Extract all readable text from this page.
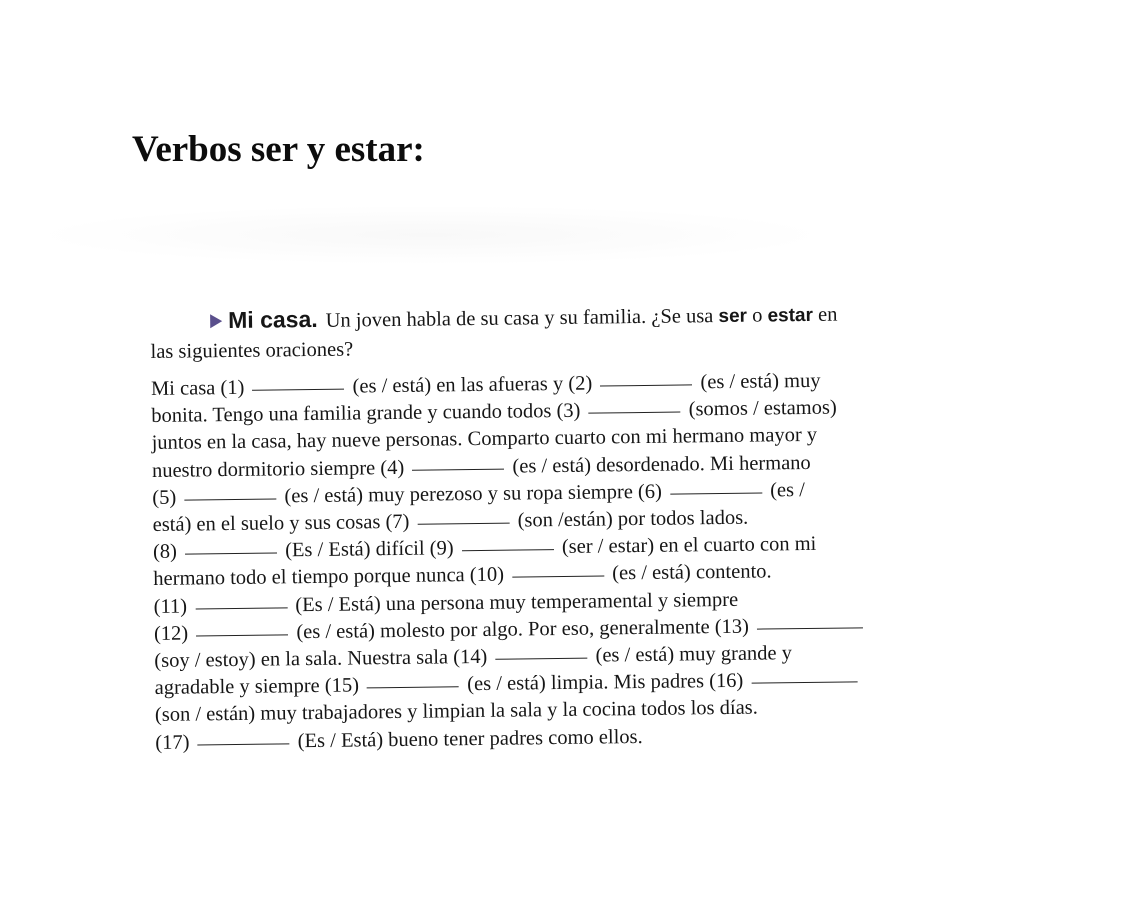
Verbos ser y estar:
Mi casa. Un joven habla de su casa y su familia. ¿Se usa ser o estar en
las siguientes oraciones?
Mi casa (1)	(es / está) en las afueras y (2)	(es / está) muy
bonita. Tengo una familia grande y cuando todos (3)	(somos / estamos)
juntos en la casa, hay nueve personas. Comparto cuarto con mi hermano mayor y
nuestro dormitorio siempre (4)	(es / está) desordenado. Mi hermano
(5)	(es / está) muy perezoso y su ropa siempre (6)	(es /
está) en el suelo y sus cosas (7)	(son /están) por todos lados.
(8)	(Es / Está) difícil (9)	(ser / estar) en el cuarto con mi
hermano todo el tiempo porque nunca (10)	(es / está) contento.
(11)	(Es / Está) una persona muy temperamental y siempre
(12)	(es / está) molesto por algo. Por eso, generalmente (13)
(soy / estoy) en la sala. Nuestra sala (14)	(es / está) muy grande y
agradable y siempre (15)	(es / está) limpia. Mis padres (16)
(son / están) muy trabajadores y limpian la sala y la cocina todos los días.
(17)	(Es / Está) bueno tener padres como ellos.
